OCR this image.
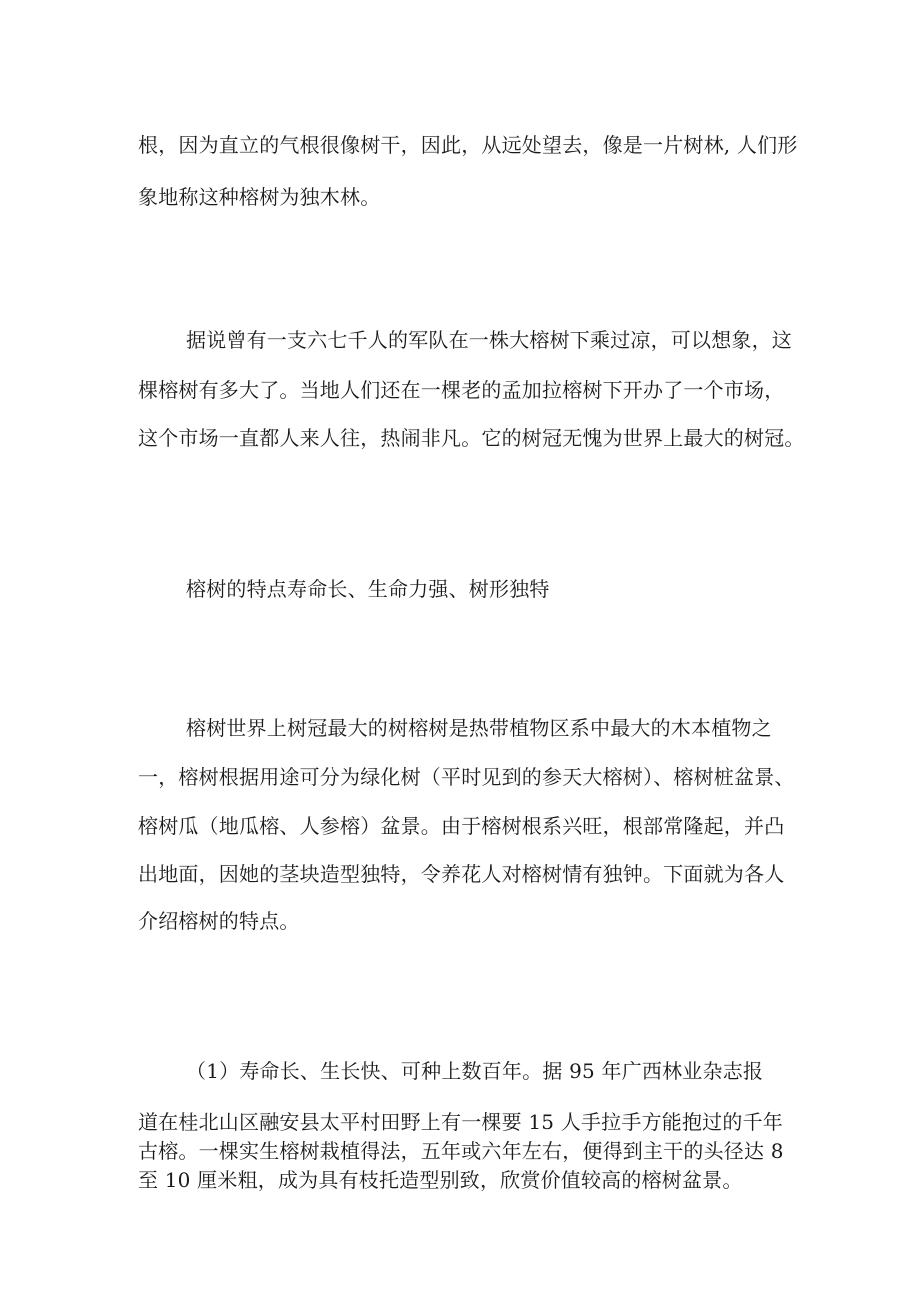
根，因为直立的气根很像树干，因此，从远处望去，像是一片树林, 人们形
象地称这种榕树为独木林。
据说曾有一支六七千人的军队在一株大榕树下乘过凉，可以想象，这
棵榕树有多大了。当地人们还在一棵老的孟加拉榕树下开办了一个市场，
这个市场一直都人来人往，热闹非凡。它的树冠无愧为世界上最大的树冠。
榕树的特点寿命长、生命力强、树形独特
榕树世界上树冠最大的树榕树是热带植物区系中最大的木本植物之
一，榕树根据用途可分为绿化树（平时见到的参天大榕树）、榕树桩盆景、
榕树瓜（地瓜榕、人参榕）盆景。由于榕树根系兴旺，根部常隆起，并凸
出地面，因她的茎块造型独特，令养花人对榕树情有独钟。下面就为各人
介绍榕树的特点。
（1）寿命长、生长快、可种上数百年。据 95 年广西林业杂志报
道在桂北山区融安县太平村田野上有一棵要 15 人手拉手方能抱过的千年
古榕。一棵实生榕树栽植得法，五年或六年左右，便得到主干的头径达 8
至 10 厘米粗，成为具有枝托造型别致，欣赏价值较高的榕树盆景。
